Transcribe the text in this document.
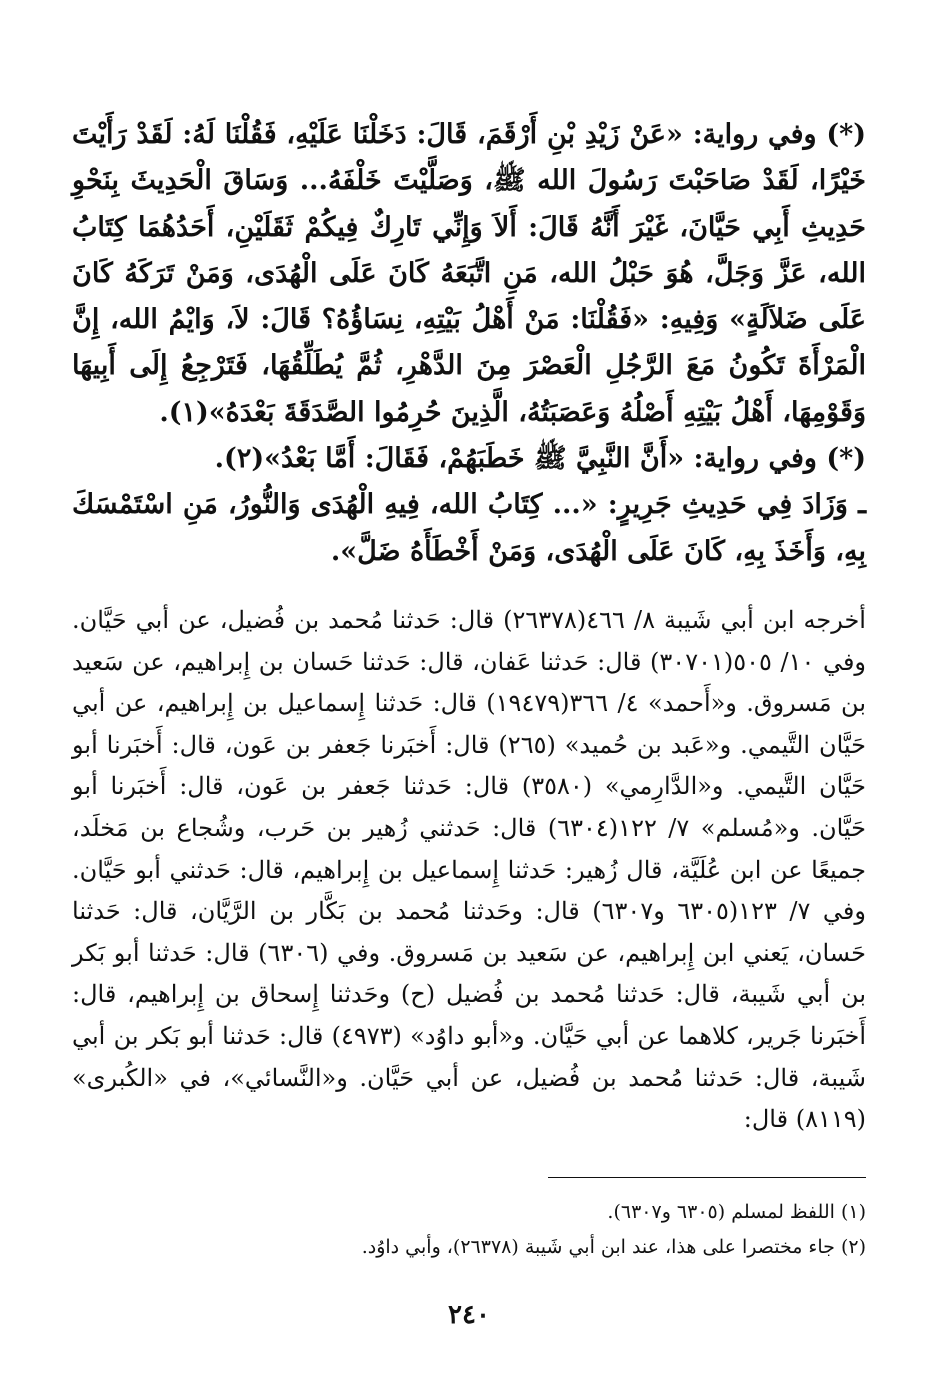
(*) وفي رواية: «عَنْ زَيْدِ بْنِ أَرْقَمَ، قَالَ: دَخَلْنَا عَلَيْهِ، فَقُلْنَا لَهُ: لَقَدْ رَأَيْتَ خَيْرًا، لَقَدْ صَاحَبْتَ رَسُولَ الله ﷺ، وَصَلَّيْتَ خَلْفَهُ... وَسَاقَ الْحَدِيثَ بِنَحْوِ حَدِيثِ أَبِي حَيَّانَ، غَيْرَ أَنَّهُ قَالَ: أَلاَ وَإِنِّي تَارِكٌ فِيكُمْ ثَقَلَيْنِ، أَحَدُهُمَا كِتَابُ الله، عَزَّ وَجَلَّ، هُوَ حَبْلُ الله، مَنِ اتَّبَعَهُ كَانَ عَلَى الْهُدَى، وَمَنْ تَرَكَهُ كَانَ عَلَى ضَلاَلَةٍ» وَفِيهِ: «فَقُلْنَا: مَنْ أَهْلُ بَيْتِهِ، نِسَاؤُهُ؟ قَالَ: لاَ، وَايْمُ الله، إِنَّ الْمَرْأَةَ تَكُونُ مَعَ الرَّجُلِ الْعَصْرَ مِنَ الدَّهْرِ، ثُمَّ يُطَلِّقُهَا، فَتَرْجِعُ إِلَى أَبِيهَا وَقَوْمِهَا، أَهْلُ بَيْتِهِ أَصْلُهُ وَعَصَبَتُهُ، الَّذِينَ حُرِمُوا الصَّدَقَةَ بَعْدَهُ»(١).

(*) وفي رواية: «أَنَّ النَّبِيَّ ﷺ خَطَبَهُمْ، فَقَالَ: أَمَّا بَعْدُ»(٢).

ـ وَزَادَ فِي حَدِيثِ جَرِيرٍ: «... كِتَابُ الله، فِيهِ الْهُدَى وَالنُّورُ، مَنِ اسْتَمْسَكَ بِهِ، وَأَخَذَ بِهِ، كَانَ عَلَى الْهُدَى، وَمَنْ أَخْطَأَهُ ضَلَّ».

أخرجه ابن أبي شَيبة ٨/ ٤٦٦(٢٦٣٧٨) قال: حَدثنا مُحمد بن فُضيل، عن أبي حَيَّان. وفي ١٠/ ٥٠٥(٣٠٧٠١) قال: حَدثنا عَفان، قال: حَدثنا حَسان بن إِبراهيم، عن سَعيد بن مَسروق. و«أَحمد» ٤/ ٣٦٦(١٩٤٧٩) قال: حَدثنا إِسماعيل بن إِبراهيم، عن أبي حَيَّان التَّيمي. و«عَبد بن حُميد» (٢٦٥) قال: أَخبَرنا جَعفر بن عَون، قال: أَخبَرنا أبو حَيَّان التَّيمي. و«الدَّارِمي» (٣٥٨٠) قال: حَدثنا جَعفر بن عَون، قال: أَخبَرنا أبو حَيَّان. و«مُسلم» ٧/ ١٢٢(٦٣٠٤) قال: حَدثني زُهير بن حَرب، وشُجاع بن مَخلَد، جميعًا عن ابن عُلَيَّة، قال زُهير: حَدثنا إِسماعيل بن إِبراهيم، قال: حَدثني أبو حَيَّان. وفي ٧/ ١٢٣(٦٣٠٥ و٦٣٠٧) قال: وحَدثنا مُحمد بن بَكَّار بن الرَّيَّان، قال: حَدثنا حَسان، يَعني ابن إِبراهيم، عن سَعيد بن مَسروق. وفي (٦٣٠٦) قال: حَدثنا أبو بَكر بن أبي شَيبة، قال: حَدثنا مُحمد بن فُضيل (ح) وحَدثنا إِسحاق بن إِبراهيم، قال: أَخبَرنا جَرير، كلاهما عن أبي حَيَّان. و«أبو داوُد» (٤٩٧٣) قال: حَدثنا أبو بَكر بن أبي شَيبة، قال: حَدثنا مُحمد بن فُضيل، عن أبي حَيَّان. و«النَّسائي»، في «الكُبرى» (٨١١٩) قال:

(١) اللفظ لمسلم (٦٣٠٥ و٦٣٠٧).

(٢) جاء مختصرا على هذا، عند ابن أبي شَيبة (٢٦٣٧٨)، وأبي داوُد.

٢٤٠
